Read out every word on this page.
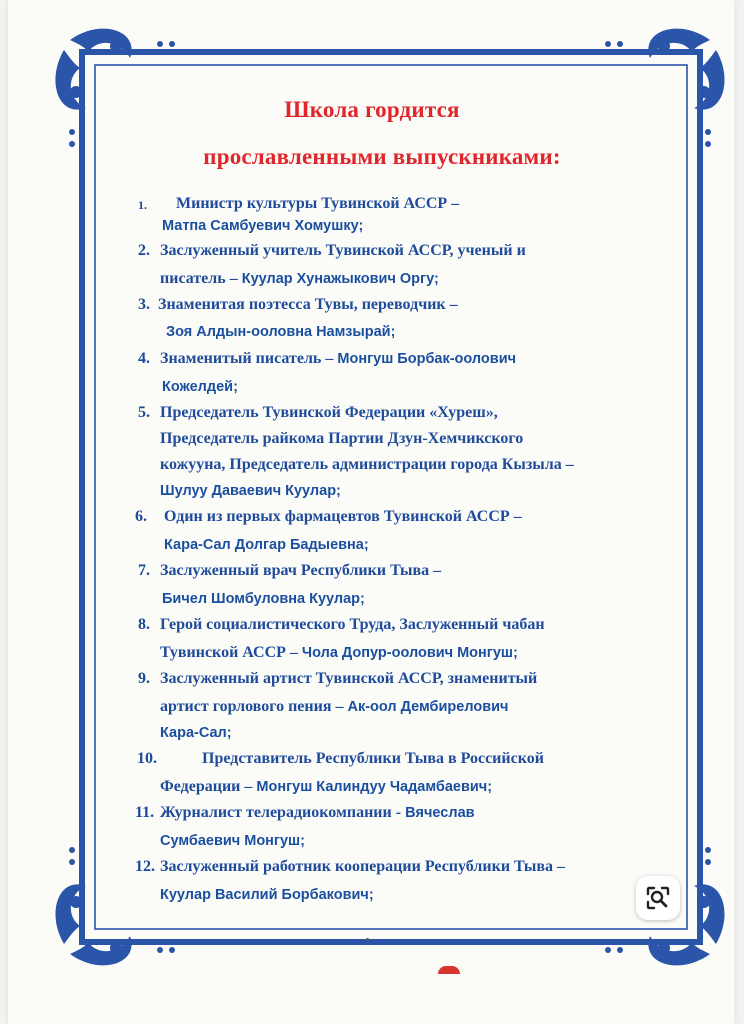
Школа гордится
прославленными выпускниками:
1. Министр культуры Тувинской АССР –
Матпа Самбуевич Хомушку;
2. Заслуженный учитель Тувинской АССР, ученый и
писатель – Куулар Хунажыкович Оргу;
3. Знаменитая поэтесса Тувы, переводчик –
Зоя Алдын-ооловна Намзырай;
4. Знаменитый писатель – Монгуш Борбак-оолович
Кожелдей;
5. Председатель Тувинской Федерации «Хуреш»,
Председатель райкома Партии Дзун-Хемчикского
кожууна, Председатель администрации города Кызыла –
Шулуу Даваевич Куулар;
6. Один из первых фармацевтов Тувинской АССР –
Кара-Сал Долгар Бадыевна;
7. Заслуженный врач Республики Тыва –
Бичел Шомбуловна Куулар;
8. Герой социалистического Труда, Заслуженный чабан
Тувинской АССР – Чола Допур-оолович Монгуш;
9. Заслуженный артист Тувинской АССР, знаменитый
артист горлового пения – Ак-оол Дембирелович
Кара-Сал;
10.	Представитель Республики Тыва в Российской
Федерации – Монгуш Калиндуу Чадамбаевич;
11. Журналист телерадиокомпании - Вячеслав
Сумбаевич Монгуш;
12. Заслуженный работник кооперации Республики Тыва –
Куулар Василий Борбакович;
